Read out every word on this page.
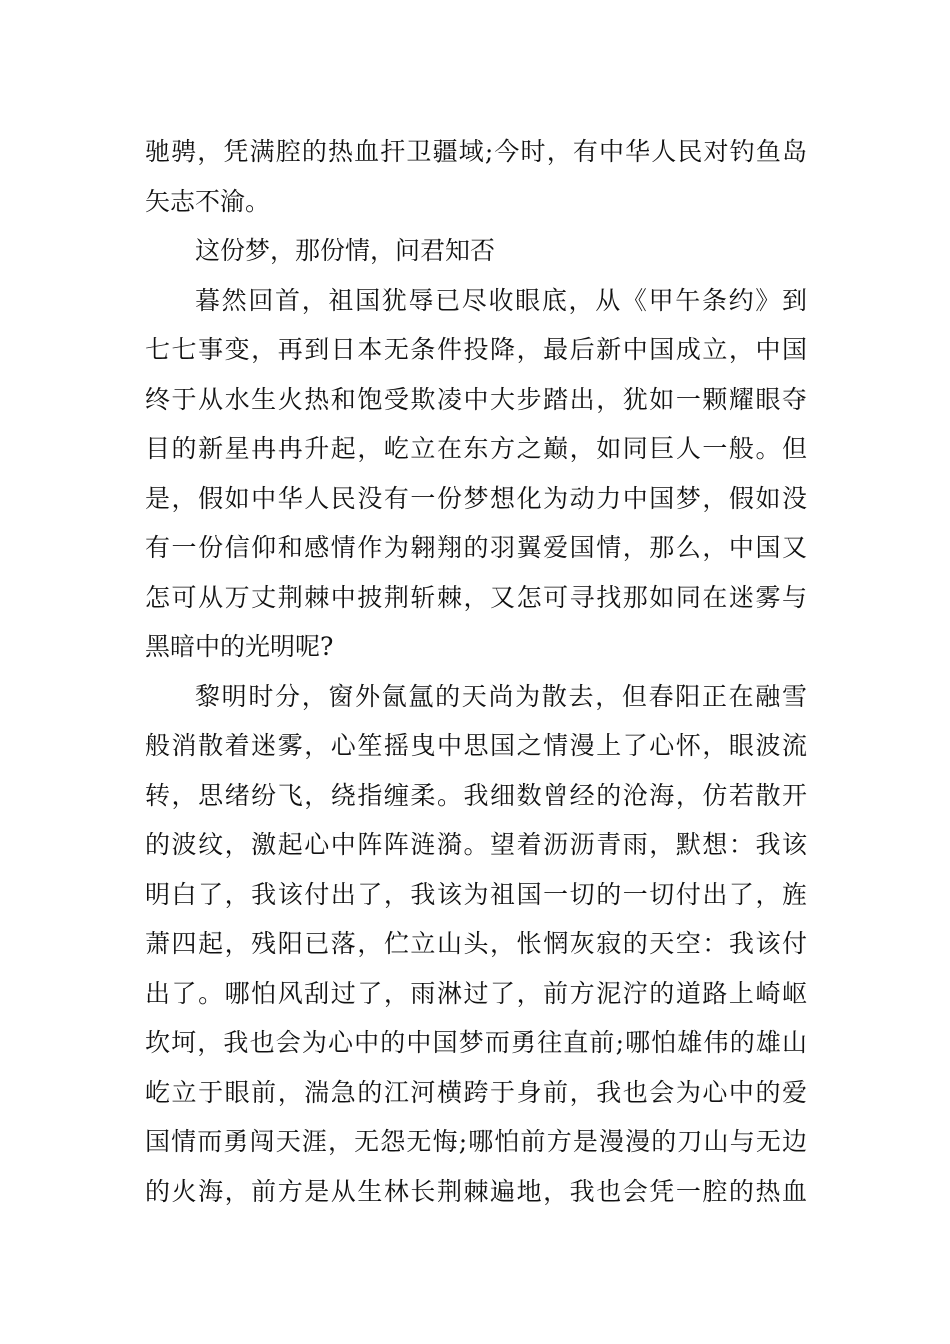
驰骋，凭满腔的热血扞卫疆域;今时，有中华人民对钓鱼岛
矢志不渝。
这份梦，那份情，问君知否
暮然回首，祖国犹辱已尽收眼底，从《甲午条约》到
七七事变，再到日本无条件投降，最后新中国成立，中国
终于从水生火热和饱受欺凌中大步踏出，犹如一颗耀眼夺
目的新星冉冉升起，屹立在东方之巅，如同巨人一般。但
是，假如中华人民没有一份梦想化为动力中国梦，假如没
有一份信仰和感情作为翱翔的羽翼爱国情，那么，中国又
怎可从万丈荆棘中披荆斩棘，又怎可寻找那如同在迷雾与
黑暗中的光明呢?
黎明时分，窗外氤氲的天尚为散去，但春阳正在融雪
般消散着迷雾，心笙摇曳中思国之情漫上了心怀，眼波流
转，思绪纷飞，绕指缠柔。我细数曾经的沧海，仿若散开
的波纹，激起心中阵阵涟漪。望着沥沥青雨，默想：我该
明白了，我该付出了，我该为祖国一切的一切付出了，旌
萧四起，残阳已落，伫立山头，怅惘灰寂的天空：我该付
出了。哪怕风刮过了，雨淋过了，前方泥泞的道路上崎岖
坎坷，我也会为心中的中国梦而勇往直前;哪怕雄伟的雄山
屹立于眼前，湍急的江河横跨于身前，我也会为心中的爱
国情而勇闯天涯，无怨无悔;哪怕前方是漫漫的刀山与无边
的火海，前方是从生林长荆棘遍地，我也会凭一腔的热血
